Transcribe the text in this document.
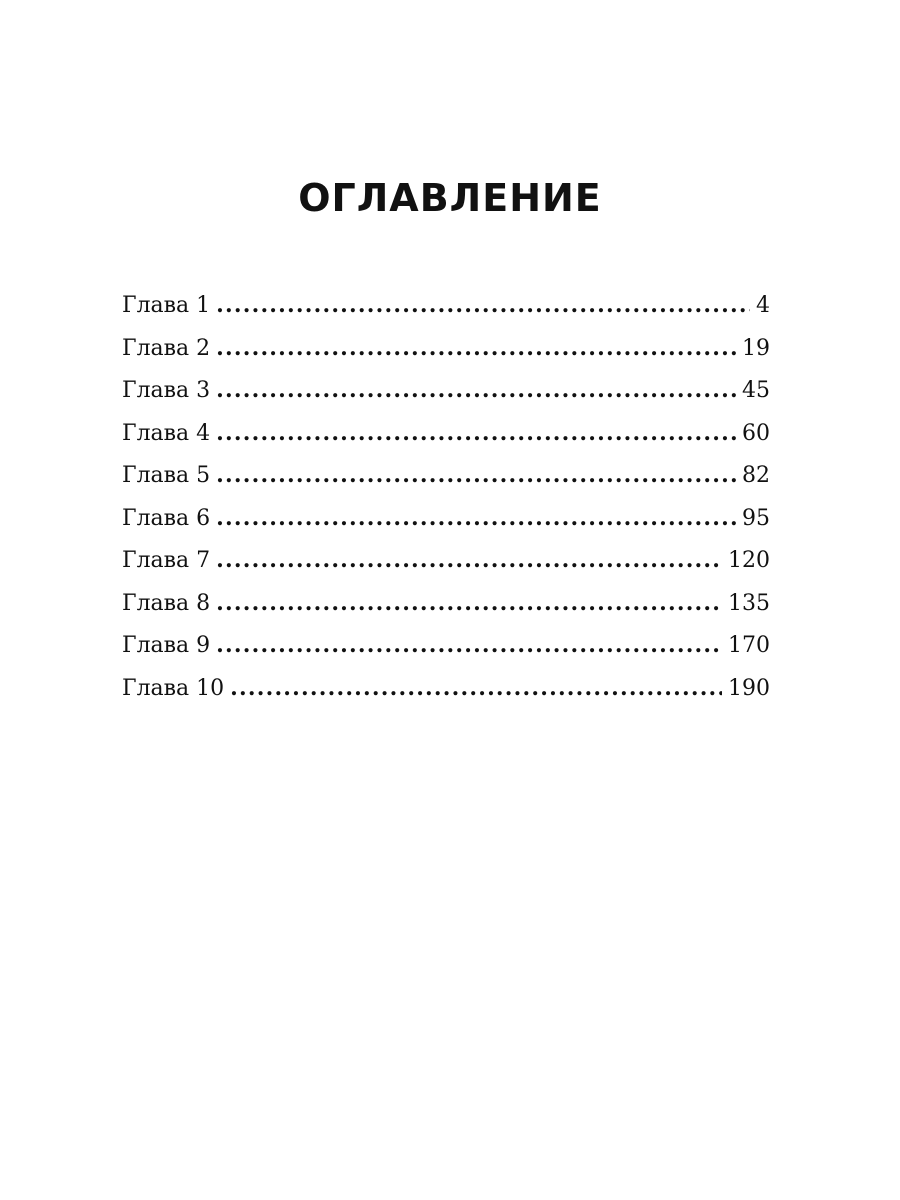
ОГЛАВЛЕНИЕ
Глава 1 .....	4
Глава 2 .....	19
Глава 3 .....	45
Глава 4 .....	60
Глава 5 .....	82
Глава 6 .....	95
Глава 7 .....	120
Глава 8 .....	135
Глава 9 .....	170
Глава 10 .....	190
